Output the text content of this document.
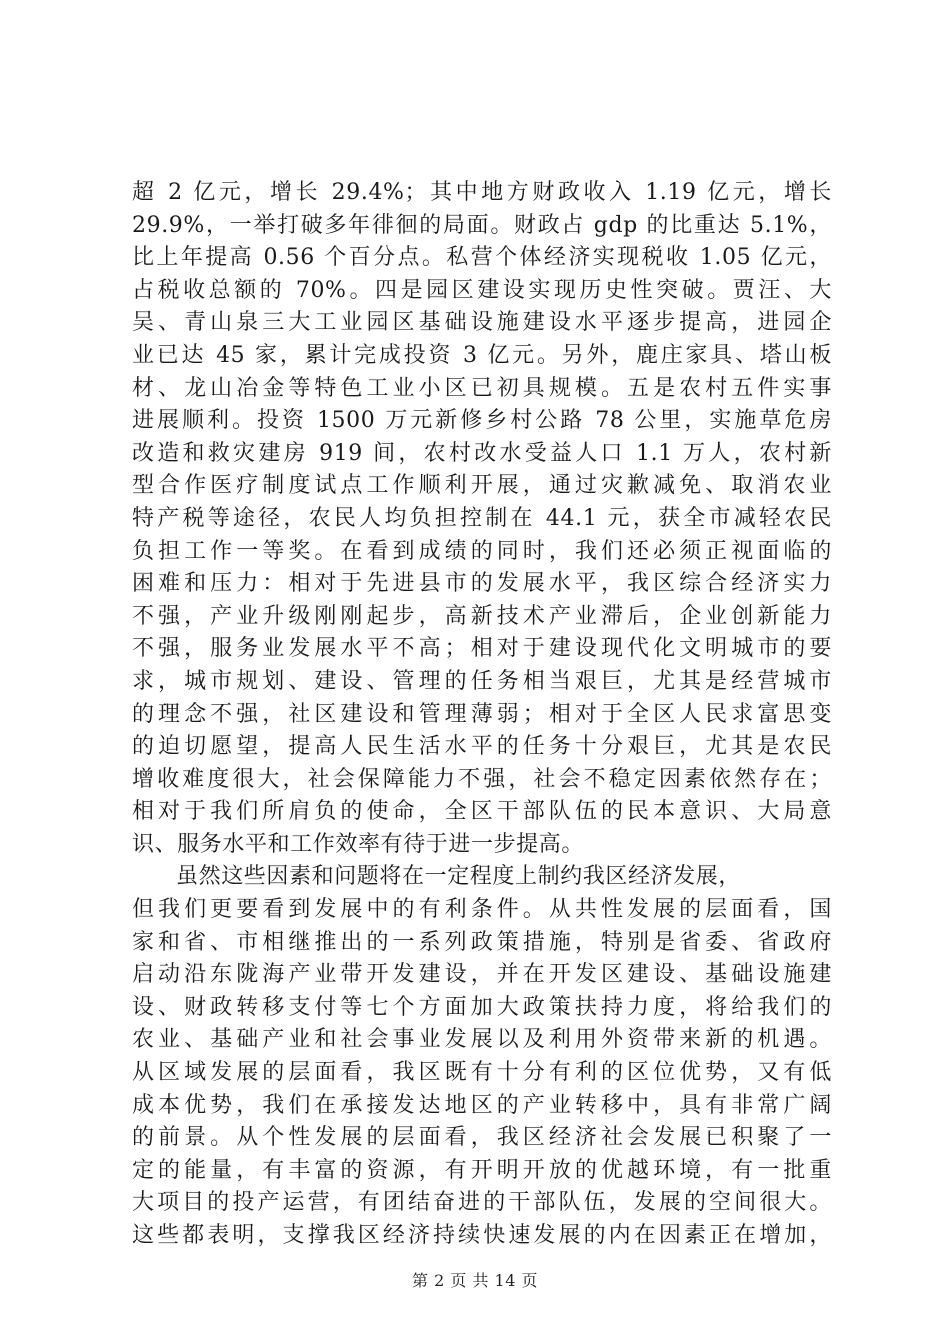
超 2 亿元，增长 29.4%；其中地方财政收入 1.19 亿元，增长
29.9%，一举打破多年徘徊的局面。财政占 gdp 的比重达 5.1%，
比上年提高 0.56 个百分点。私营个体经济实现税收 1.05 亿元，
占税收总额的 70%。四是园区建设实现历史性突破。贾汪、大
吴、青山泉三大工业园区基础设施建设水平逐步提高，进园企
业已达 45 家，累计完成投资 3 亿元。另外，鹿庄家具、塔山板
材、龙山冶金等特色工业小区已初具规模。五是农村五件实事
进展顺利。投资 1500 万元新修乡村公路 78 公里，实施草危房
改造和救灾建房 919 间，农村改水受益人口 1.1 万人，农村新
型合作医疗制度试点工作顺利开展，通过灾歉减免、取消农业
特产税等途径，农民人均负担控制在 44.1 元，获全市减轻农民
负担工作一等奖。在看到成绩的同时，我们还必须正视面临的
困难和压力：相对于先进县市的发展水平，我区综合经济实力
不强，产业升级刚刚起步，高新技术产业滞后，企业创新能力
不强，服务业发展水平不高；相对于建设现代化文明城市的要
求，城市规划、建设、管理的任务相当艰巨，尤其是经营城市
的理念不强，社区建设和管理薄弱；相对于全区人民求富思变
的迫切愿望，提高人民生活水平的任务十分艰巨，尤其是农民
增收难度很大，社会保障能力不强，社会不稳定因素依然存在；
相对于我们所肩负的使命，全区干部队伍的民本意识、大局意
识、服务水平和工作效率有待于进一步提高。
虽然这些因素和问题将在一定程度上制约我区经济发展，
但我们更要看到发展中的有利条件。从共性发展的层面看，国
家和省、市相继推出的一系列政策措施，特别是省委、省政府
启动沿东陇海产业带开发建设，并在开发区建设、基础设施建
设、财政转移支付等七个方面加大政策扶持力度，将给我们的
农业、基础产业和社会事业发展以及利用外资带来新的机遇。
从区域发展的层面看，我区既有十分有利的区位优势，又有低
成本优势，我们在承接发达地区的产业转移中，具有非常广阔
的前景。从个性发展的层面看，我区经济社会发展已积聚了一
定的能量，有丰富的资源，有开明开放的优越环境，有一批重
大项目的投产运营，有团结奋进的干部队伍，发展的空间很大。
这些都表明，支撑我区经济持续快速发展的内在因素正在增加，
第 2 页 共 14 页
